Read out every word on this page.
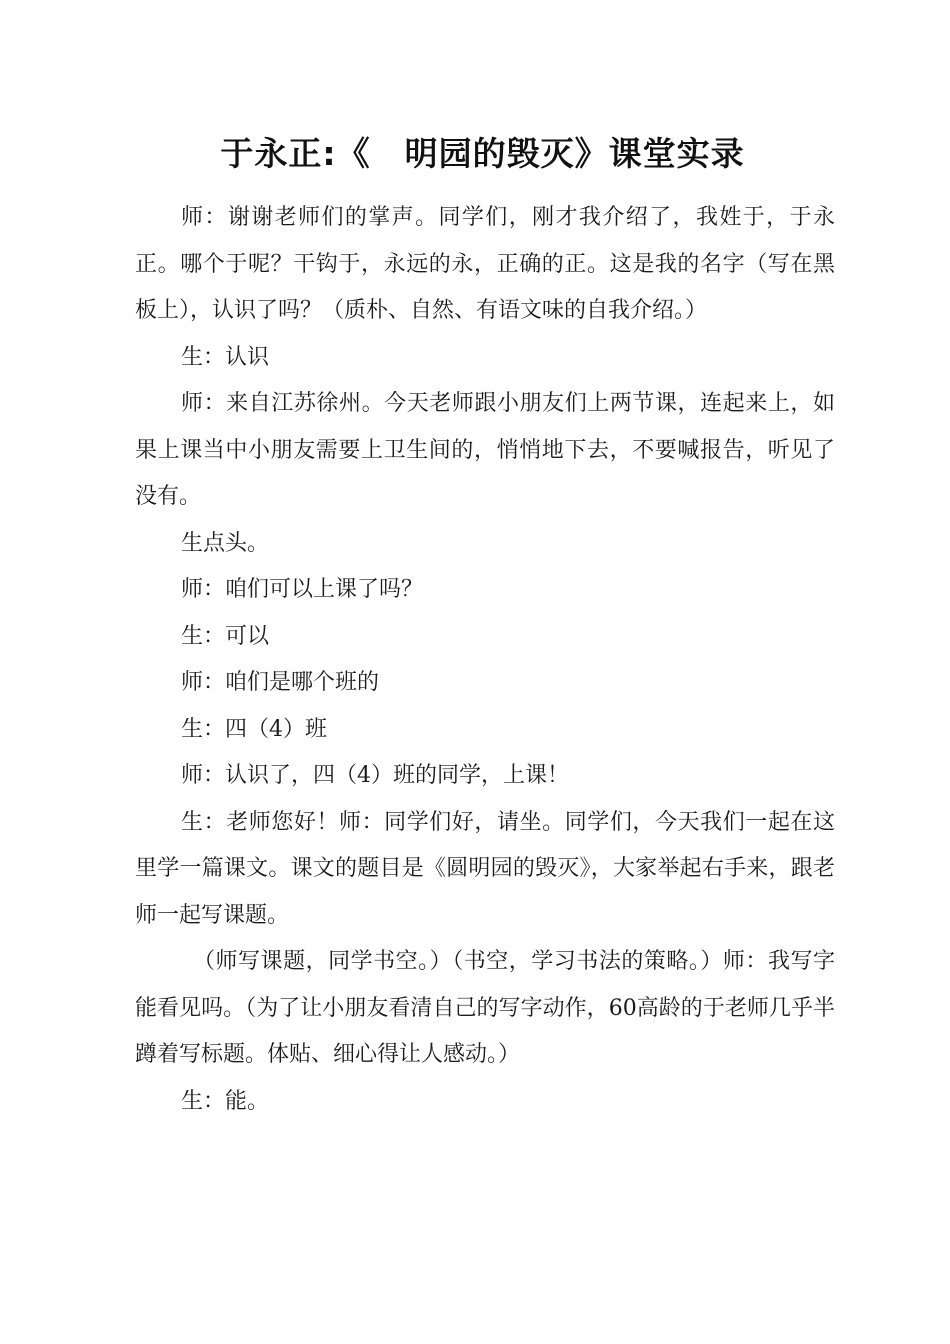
于永正:《　明园的毁灭》课堂实录

师：谢谢老师们的掌声。同学们，刚才我介绍了，我姓于，于永正。哪个于呢？干钩于，永远的永，正确的正。这是我的名字（写在黑板上），认识了吗？（质朴、自然、有语文味的自我介绍。）

生：认识

师：来自江苏徐州。今天老师跟小朋友们上两节课，连起来上，如果上课当中小朋友需要上卫生间的，悄悄地下去，不要喊报告，听见了没有。

生点头。

师：咱们可以上课了吗？

生：可以

师：咱们是哪个班的

生：四（4）班

师：认识了，四（4）班的同学，上课！

生：老师您好！师：同学们好，请坐。同学们，今天我们一起在这里学一篇课文。课文的题目是《圆明园的毁灭》，大家举起右手来，跟老师一起写课题。

（师写课题，同学书空。）（书空，学习书法的策略。）师：我写字能看见吗。（为了让小朋友看清自己的写字动作，60高龄的于老师几乎半蹲着写标题。体贴、细心得让人感动。）

生：能。
